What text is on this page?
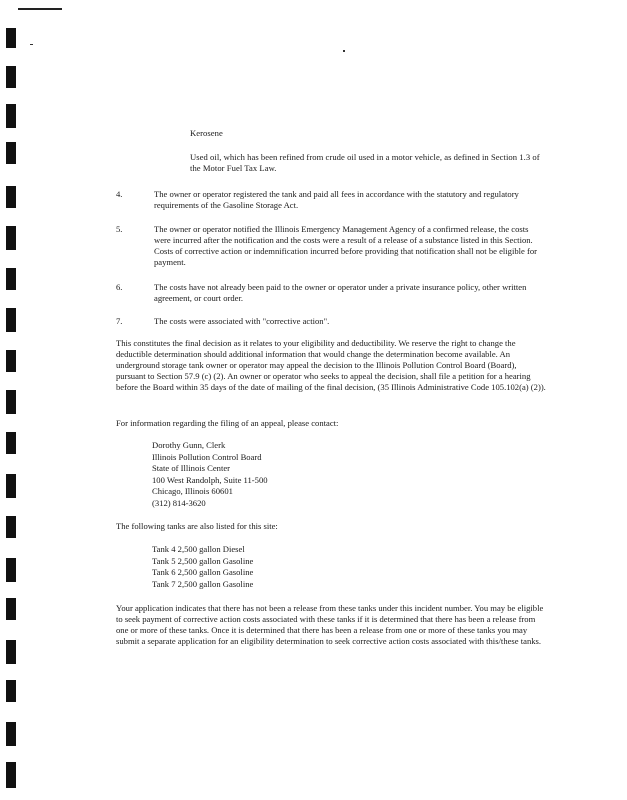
Kerosene
Used oil, which has been refined from crude oil used in a motor vehicle, as defined in Section 1.3 of the Motor Fuel Tax Law.
4.	The owner or operator registered the tank and paid all fees in accordance with the statutory and regulatory requirements of the Gasoline Storage Act.
5.	The owner or operator notified the Illinois Emergency Management Agency of a confirmed release, the costs were incurred after the notification and the costs were a result of a release of a substance listed in this Section. Costs of corrective action or indemnification incurred before providing that notification shall not be eligible for payment.
6.	The costs have not already been paid to the owner or operator under a private insurance policy, other written agreement, or court order.
7.	The costs were associated with "corrective action".
This constitutes the final decision as it relates to your eligibility and deductibility. We reserve the right to change the deductible determination should additional information that would change the determination become available. An underground storage tank owner or operator may appeal the decision to the Illinois Pollution Control Board (Board), pursuant to Section 57.9 (c) (2). An owner or operator who seeks to appeal the decision, shall file a petition for a hearing before the Board within 35 days of the date of mailing of the final decision, (35 Illinois Administrative Code 105.102(a) (2)).
For information regarding the filing of an appeal, please contact:
Dorothy Gunn, Clerk
Illinois Pollution Control Board
State of Illinois Center
100 West Randolph, Suite 11-500
Chicago, Illinois 60601
(312) 814-3620
The following tanks are also listed for this site:
Tank 4 2,500 gallon Diesel
Tank 5 2,500 gallon Gasoline
Tank 6 2,500 gallon Gasoline
Tank 7 2,500 gallon Gasoline
Your application indicates that there has not been a release from these tanks under this incident number. You may be eligible to seek payment of corrective action costs associated with these tanks if it is determined that there has been a release from one or more of these tanks. Once it is determined that there has been a release from one or more of these tanks you may submit a separate application for an eligibility determination to seek corrective action costs associated with this/these tanks.
